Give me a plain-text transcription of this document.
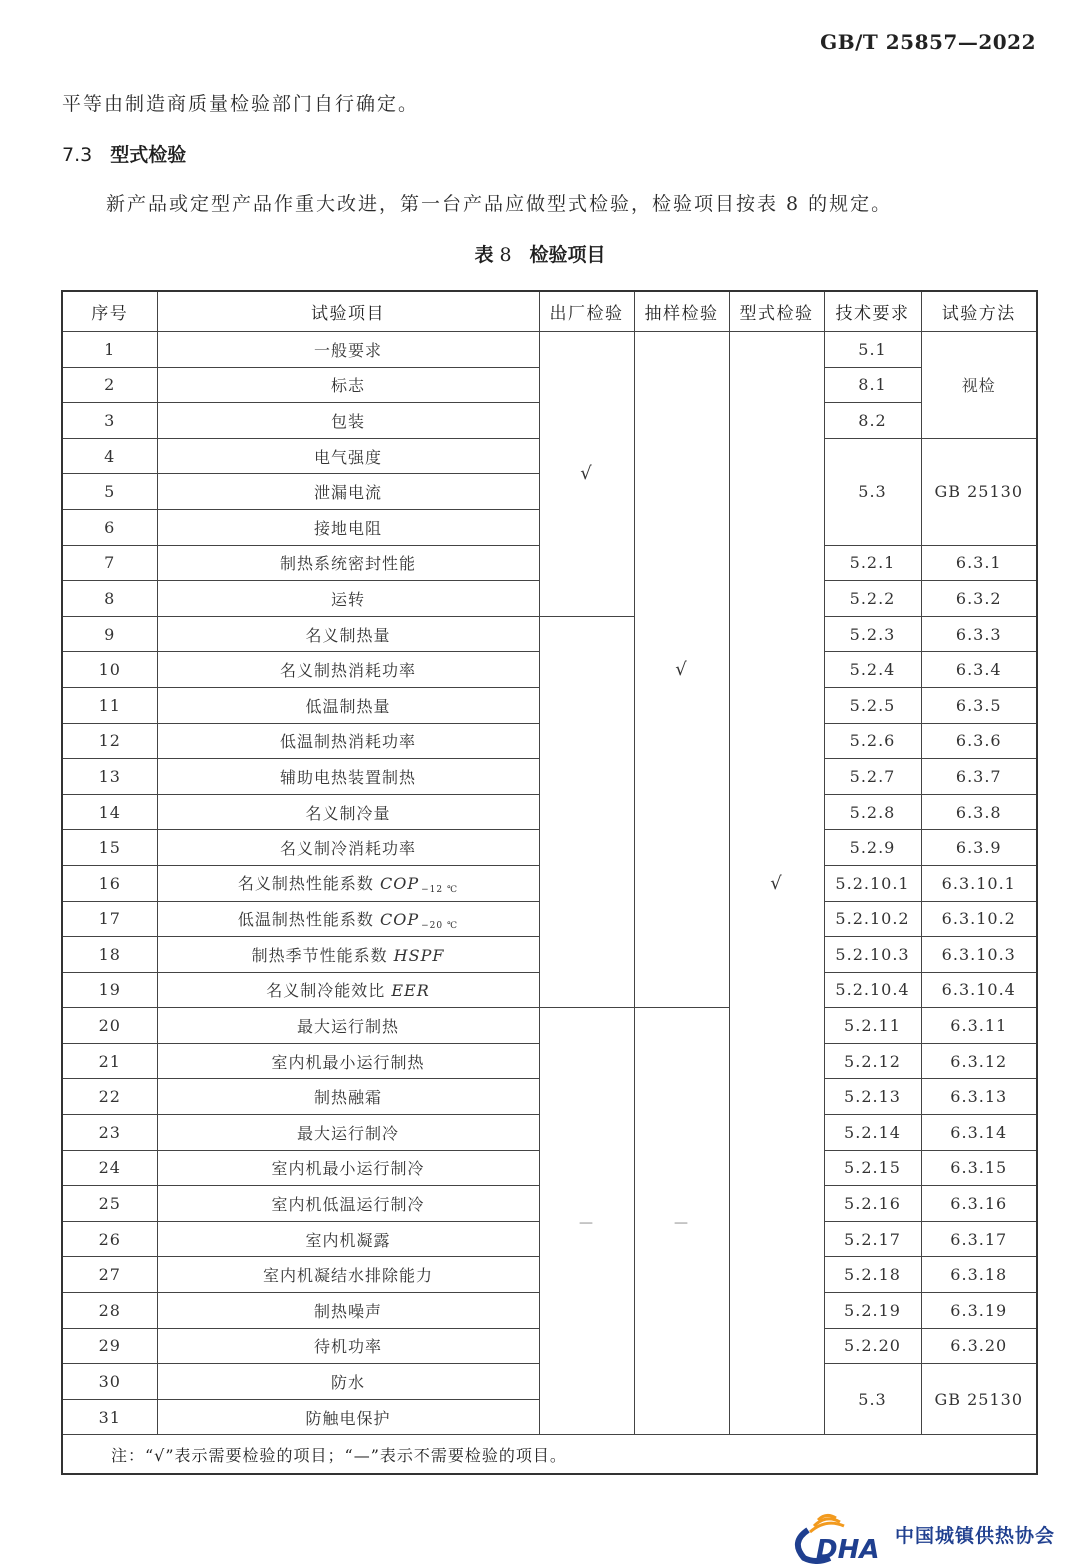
GB/T 25857—2022
平等由制造商质量检验部门自行确定。
7.3 型式检验
新产品或定型产品作重大改进，第一台产品应做型式检验，检验项目按表 8 的规定。
表 8 检验项目
序号	试验项目	出厂检验	抽样检验	型式检验	技术要求	试验方法
1	一般要求	√	√	√	5.1	视检
2	标志				8.1	
3	包装				8.2	
4	电气强度				5.3	GB 25130
5	泄漏电流					
6	接地电阻					
7	制热系统密封性能				5.2.1	6.3.1
8	运转				5.2.2	6.3.2
9	名义制热量				5.2.3	6.3.3
10	名义制热消耗功率				5.2.4	6.3.4
11	低温制热量				5.2.5	6.3.5
12	低温制热消耗功率				5.2.6	6.3.6
13	辅助电热装置制热				5.2.7	6.3.7
14	名义制冷量				5.2.8	6.3.8
15	名义制冷消耗功率				5.2.9	6.3.9
16	名义制热性能系数 COP $_{-12 ℃}$				5.2.10.1	6.3.10.1
17	低温制热性能系数 COP $_{-20 ℃}$				5.2.10.2	6.3.10.2
18	制热季节性能系数 HSPF				5.2.10.3	6.3.10.3
19	名义制冷能效比 EER				5.2.10.4	6.3.10.4
20	最大运行制热	—	—		5.2.11	6.3.11
21	室内机最小运行制热				5.2.12	6.3.12
22	制热融霜				5.2.13	6.3.13
23	最大运行制冷				5.2.14	6.3.14
24	室内机最小运行制冷				5.2.15	6.3.15
25	室内机低温运行制冷				5.2.16	6.3.16
26	室内机凝露				5.2.17	6.3.17
27	室内机凝结水排除能力				5.2.18	6.3.18
28	制热噪声				5.2.19	6.3.19
29	待机功率				5.2.20	6.3.20
30	防水				5.3	GB 25130
31	防触电保护					
注：“√”表示需要检验的项目；“—”表示不需要检验的项目。						
DHA 中国城镇供热协会
